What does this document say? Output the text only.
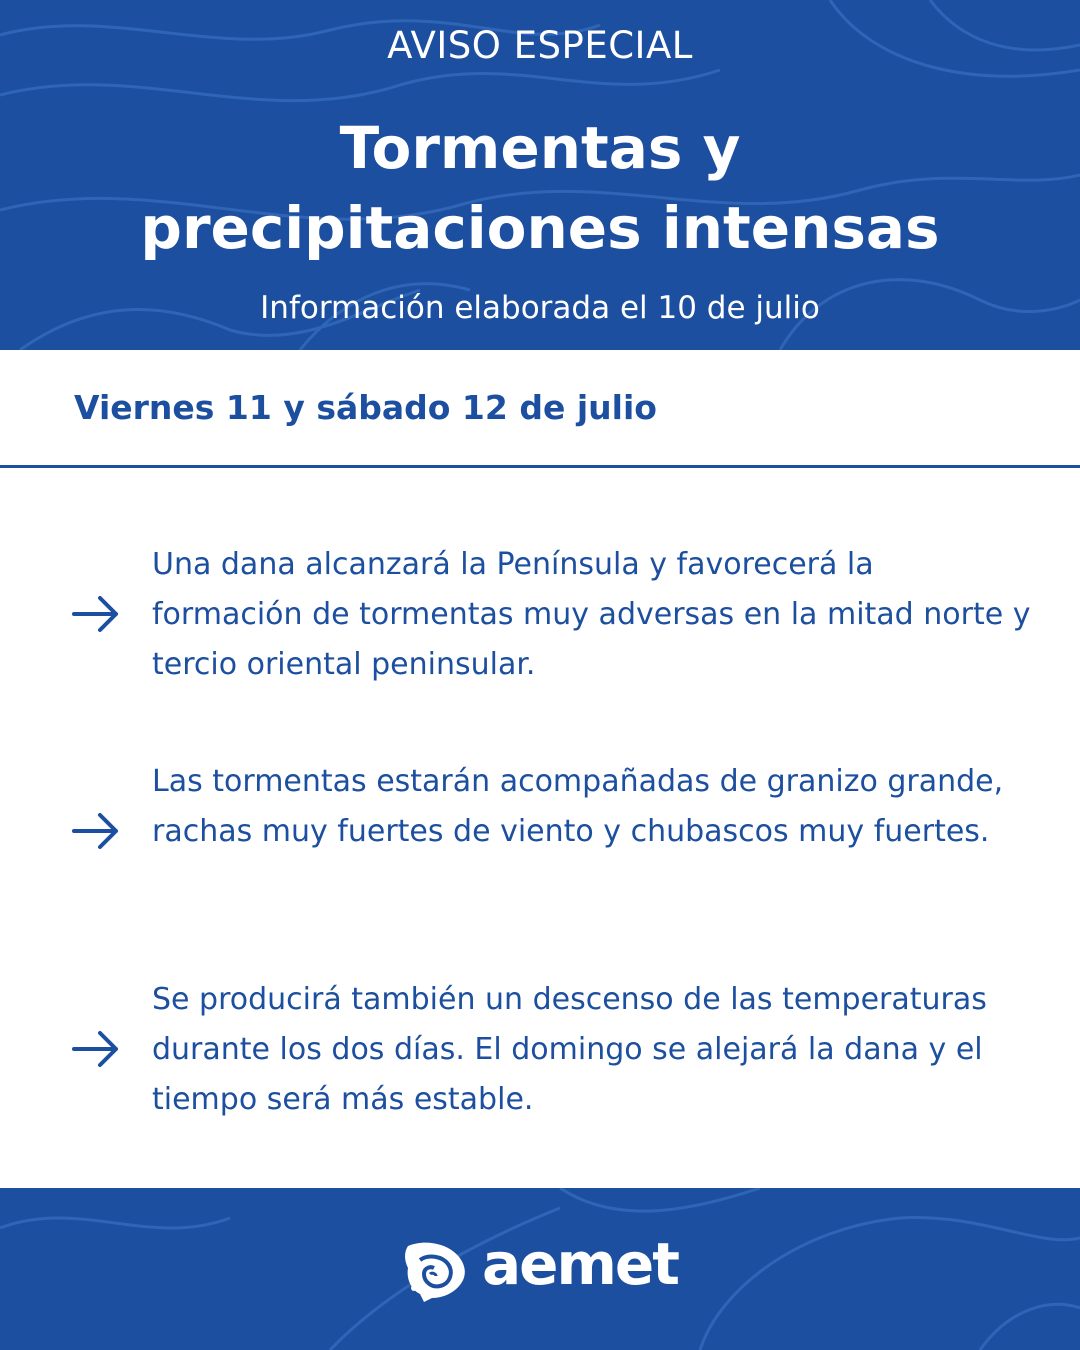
AVISO ESPECIAL
Tormentas y
precipitaciones intensas
Información elaborada el 10 de julio
Viernes 11 y sábado 12 de julio
Una dana alcanzará la Península y favorecerá la formación de tormentas muy adversas en la mitad norte y tercio oriental peninsular.
Las tormentas estarán acompañadas de granizo grande, rachas muy fuertes de viento y chubascos muy fuertes.
Se producirá también un descenso de las temperaturas durante los dos días. El domingo se alejará la dana y el tiempo será más estable.
aemet
